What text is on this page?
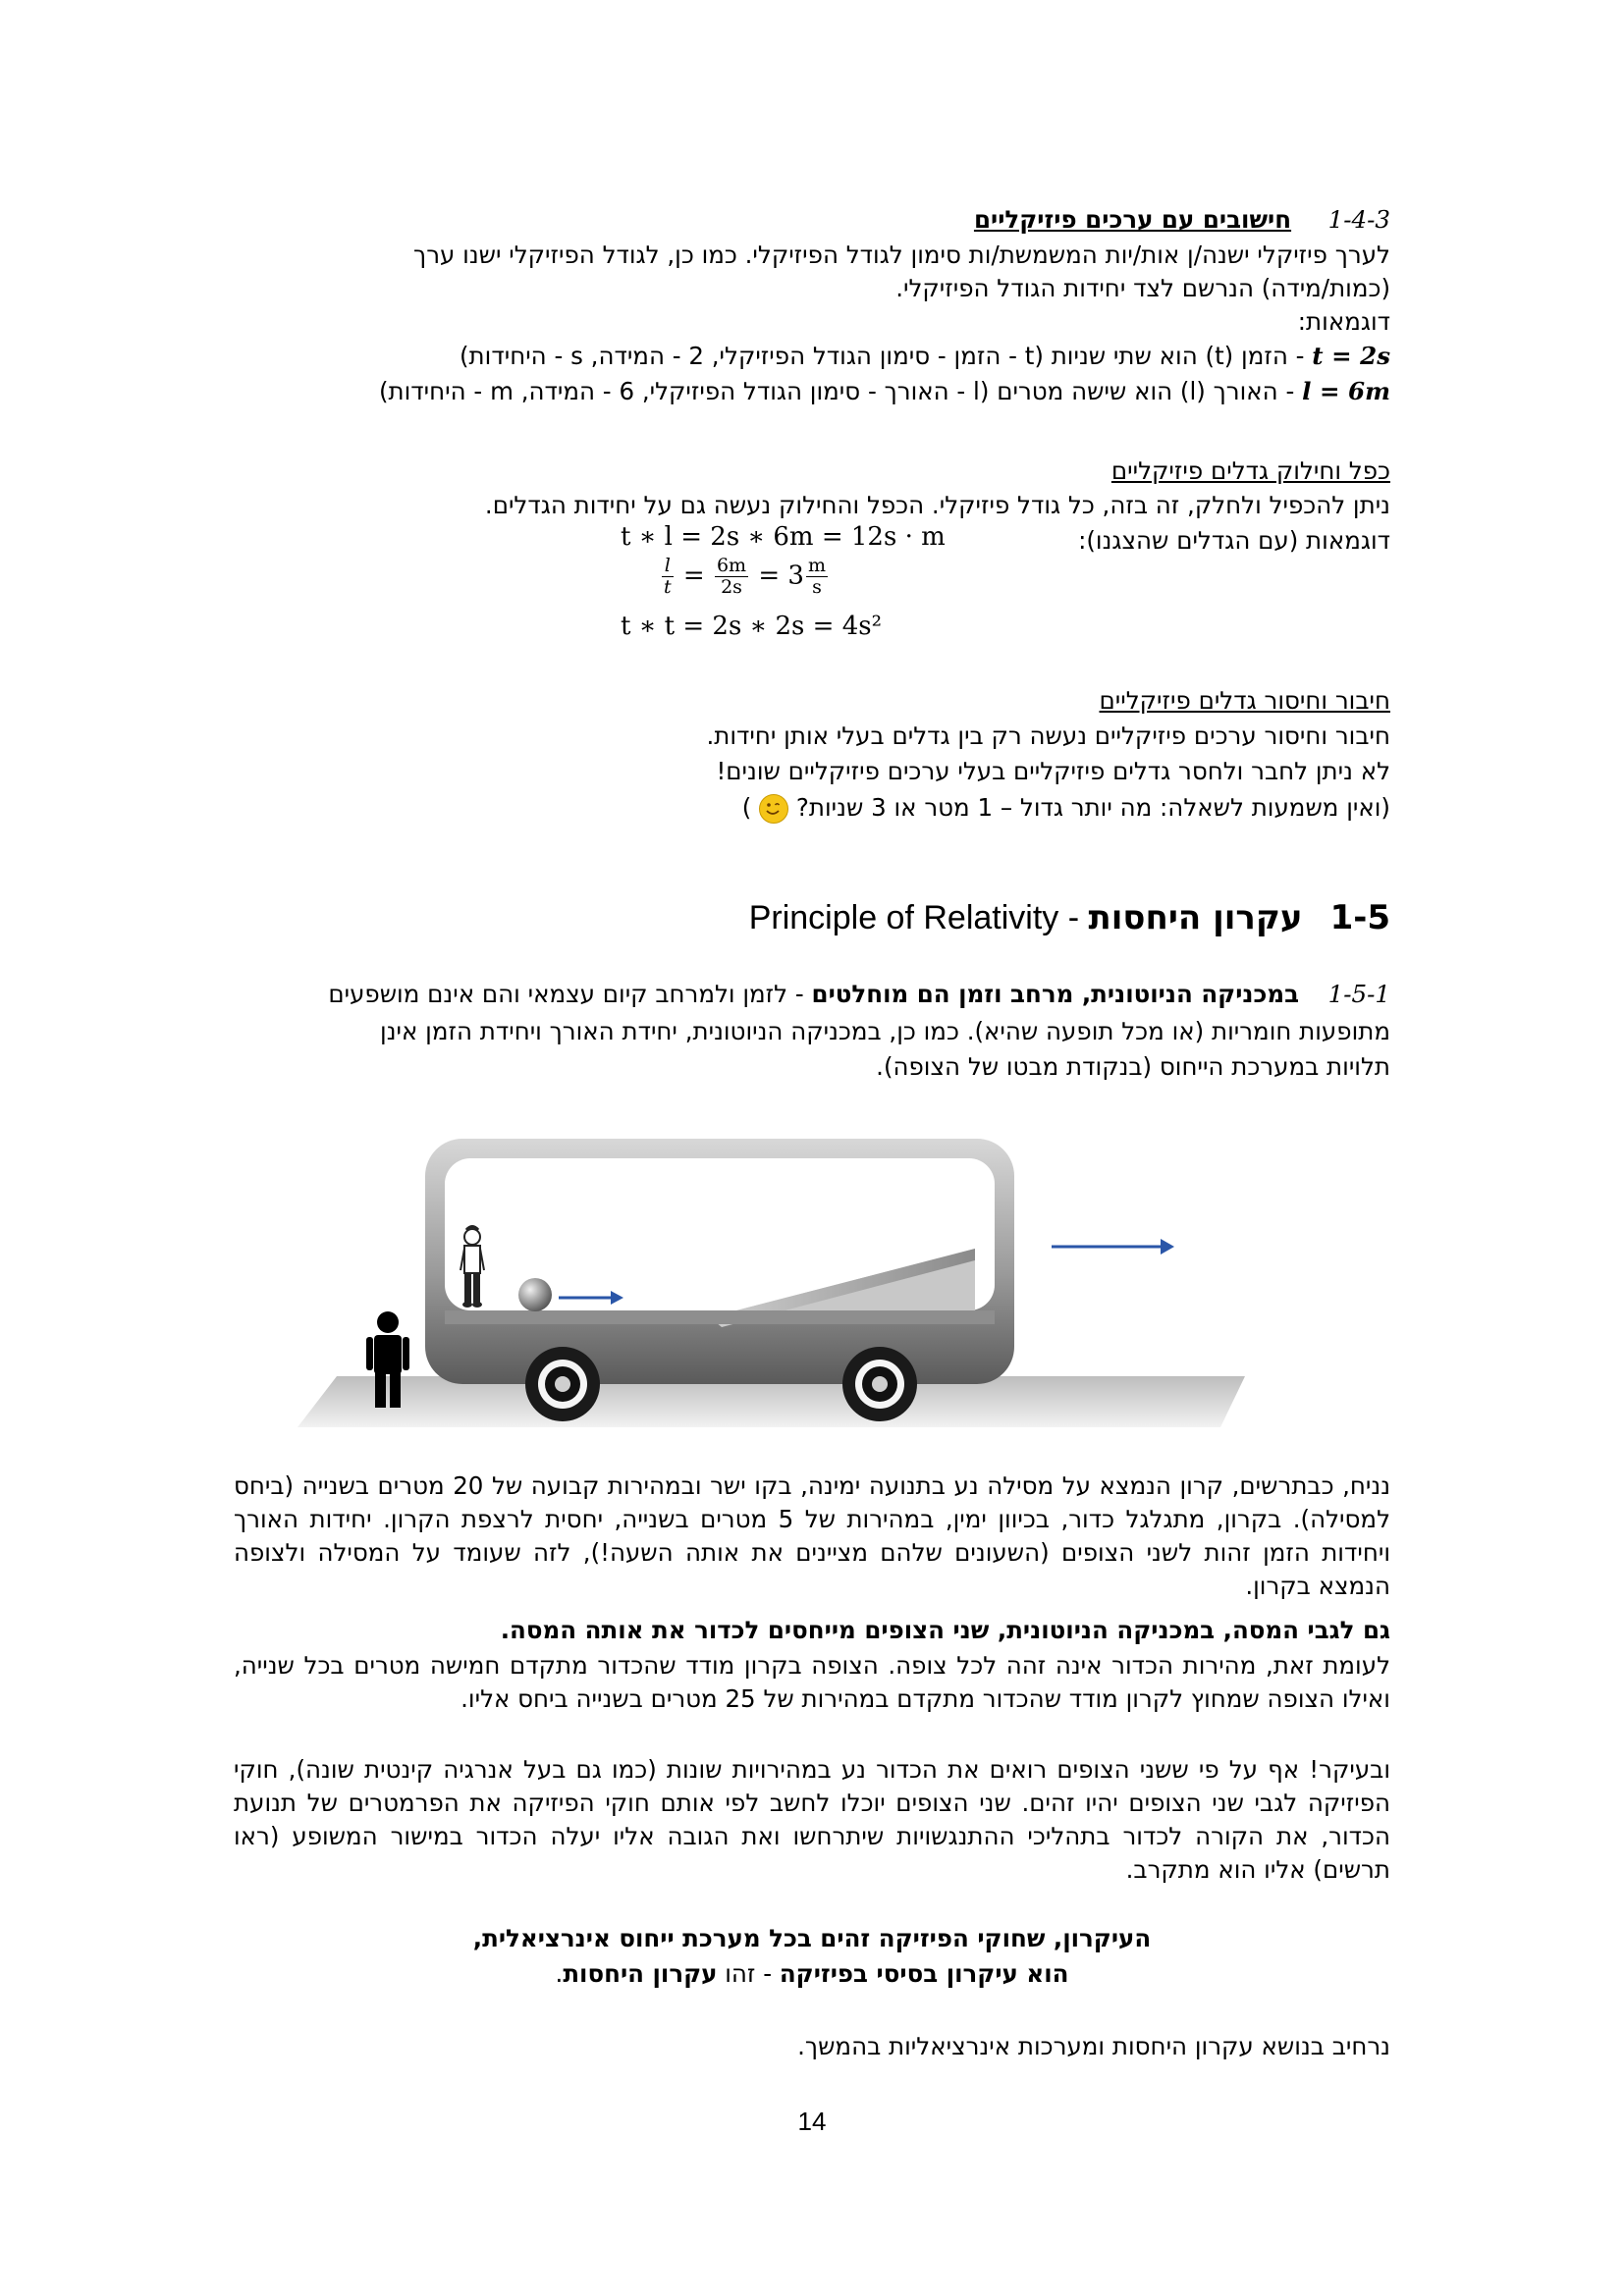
1-4-3  חישובים עם ערכים פיזיקליים
לערך פיזיקלי ישנה/ן אות/יות המשמשת/ות סימון לגודל הפיזיקלי. כמו כן, לגודל הפיזיקלי ישנו ערך
(כמות/מידה) הנרשם לצד יחידות הגודל הפיזיקלי.
דוגמאות:
t = 2s - הזמן (t) הוא שתי שניות (t - הזמן - סימון הגודל הפיזיקלי, 2 - המידה, s - היחידות)
l = 6m - האורך (l) הוא שישה מטרים (l - האורך - סימון הגודל הפיזיקלי, 6 - המידה, m - היחידות)
כפל וחילוק גדלים פיזיקליים
ניתן להכפיל ולחלק, זה בזה, כל גודל פיזיקלי. הכפל והחילוק נעשה גם על יחידות הגדלים.
דוגמאות (עם הגדלים שהצגנו):
t ∗ l = 2s ∗ 6m = 12s · m
$\frac{l}{t} = \frac{6m}{2s} = 3 \frac{m}{s}$
t ∗ t = 2s ∗ 2s = 4s²
חיבור וחיסור גדלים פיזיקליים
חיבור וחיסור ערכים פיזיקליים נעשה רק בין גדלים בעלי אותן יחידות.
לא ניתן לחבר ולחסר גדלים פיזיקליים בעלי ערכים פיזיקליים שונים!
(ואין משמעות לשאלה: מה יותר גדול – 1 מטר או 3 שניות?
)
1-5עקרון היחסות - Principle of Relativity
1-5-1  במכניקה הניוטונית, מרחב וזמן הם מוחלטים - לזמן ולמרחב קיום עצמאי והם אינם מושפעים
מתופעות חומריות (או מכל תופעה שהיא). כמו כן, במכניקה הניוטונית, יחידת האורך ויחידת הזמן אינן
תלויות במערכת הייחוס (בנקודת מבטו של הצופה).
נניח, כבתרשים, קרון הנמצא על מסילה נע בתנועה ימינה, בקו ישר ובמהירות קבועה של 20 מטרים בשנייה (ביחס למסילה). בקרון, מתגלגל כדור, בכיוון ימין, במהירות של 5 מטרים בשנייה, יחסית לרצפת הקרון. יחידות האורך ויחידות הזמן זהות לשני הצופים (השעונים שלהם מציינים את אותה השעה!), לזה שעומד על המסילה ולצופה הנמצא בקרון.
גם לגבי המסה, במכניקה הניוטונית, שני הצופים מייחסים לכדור את אותה המסה.
לעומת זאת, מהירות הכדור אינה זהה לכל צופה. הצופה בקרון מודד שהכדור מתקדם חמישה מטרים בכל שנייה, ואילו הצופה שמחוץ לקרון מודד שהכדור מתקדם במהירות של 25 מטרים בשנייה ביחס אליו.
ובעיקר! אף על פי ששני הצופים רואים את הכדור נע במהירויות שונות (כמו גם בעל אנרגיה קינטית שונה), חוקי הפיזיקה לגבי שני הצופים יהיו זהים. שני הצופים יוכלו לחשב לפי אותם חוקי הפיזיקה את הפרמטרים של תנועת הכדור, את הקורה לכדור בתהליכי ההתנגשויות שיתרחשו ואת הגובה אליו יעלה הכדור במישור המשופע (ראו תרשים) אליו הוא מתקרב.
העיקרון, שחוקי הפיזיקה זהים בכל מערכת ייחוס אינרציאלית,
הוא עיקרון בסיסי בפיזיקה - זהו עקרון היחסות.
נרחיב בנושא עקרון היחסות ומערכות אינרציאליות בהמשך.
14
